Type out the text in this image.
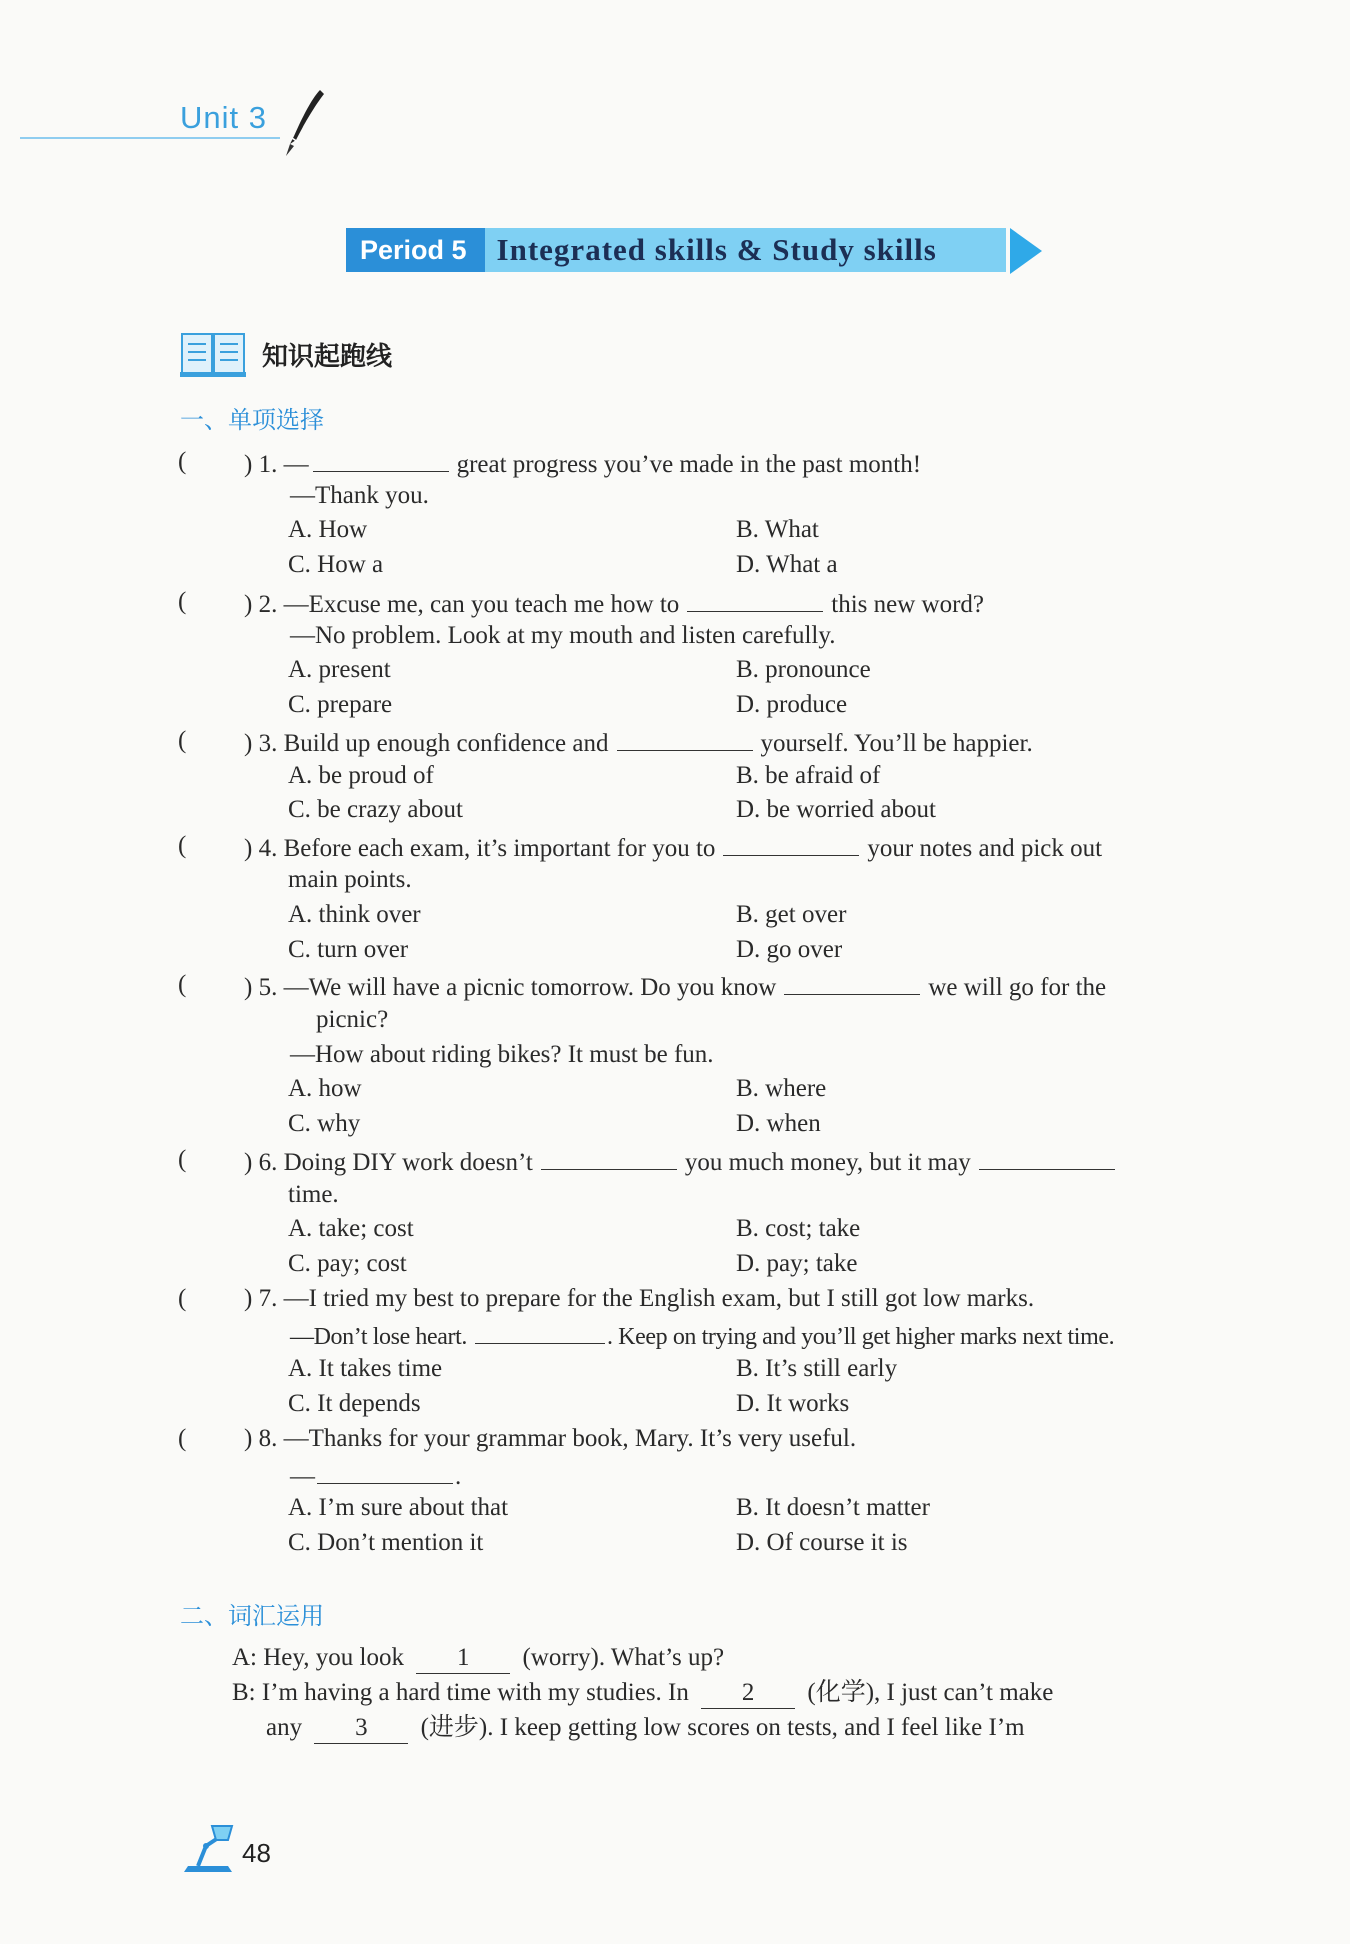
Unit 3
Period 5 Integrated skills & Study skills
知识起跑线
一、单项选择
( ) 1. —	great progress you’ve made in the past month!
—Thank you.
A. How	B. What
C. How a	D. What a
( ) 2. —Excuse me, can you teach me how to	this new word?
—No problem. Look at my mouth and listen carefully.
A. present	B. pronounce
C. prepare	D. produce
( ) 3. Build up enough confidence and	yourself. You’ll be happier.
A. be proud of	B. be afraid of
C. be crazy about	D. be worried about
( ) 4. Before each exam, it’s important for you to	your notes and pick out
main points.
A. think over	B. get over
C. turn over	D. go over
( ) 5. —We will have a picnic tomorrow. Do you know	we will go for the
picnic?
—How about riding bikes? It must be fun.
A. how	B. where
C. why	D. when
( ) 6. Doing DIY work doesn’t	you much money, but it may
time.
A. take; cost	B. cost; take
C. pay; cost	D. pay; take
( ) 7. —I tried my best to prepare for the English exam, but I still got low marks.
—Don’t lose heart.	. Keep on trying and you’ll get higher marks next time.
A. It takes time	B. It’s still early
C. It depends	D. It works
( ) 8. —Thanks for your grammar book, Mary. It’s very useful.
—	.
A. I’m sure about that	B. It doesn’t matter
C. Don’t mention it	D. Of course it is
二、词汇运用
A: Hey, you look 1 (worry). What’s up?
B: I’m having a hard time with my studies. In 2 (化学), I just can’t make
any 3 (进步). I keep getting low scores on tests, and I feel like I’m
48
